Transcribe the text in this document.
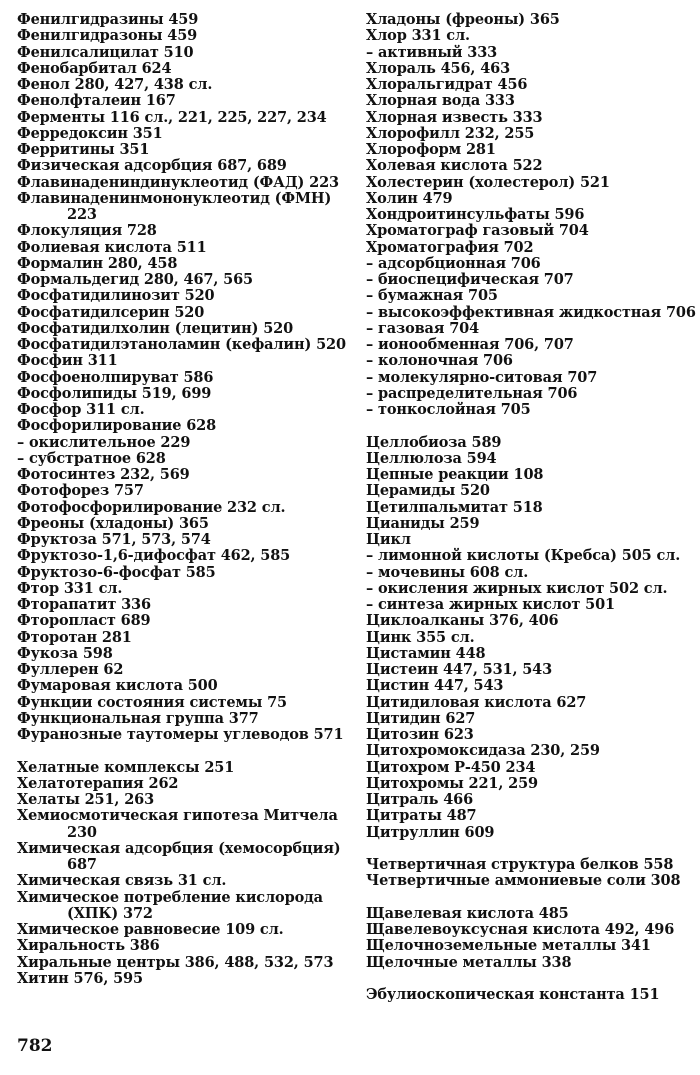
Фенилгидразины 459
Фенилгидразоны 459
Фенилсалицилат 510
Фенобарбитал 624
Фенол 280, 427, 438 сл.
Фенолфталеин 167
Ферменты 116 сл., 221, 225, 227, 234
Ферредоксин 351
Ферритины 351
Физическая адсорбция 687, 689
Флавинадениндинуклеотид (ФАД) 223
Флавинаденинмононуклеотид (ФМН) 223
Флокуляция 728
Фолиевая кислота 511
Формалин 280, 458
Формальдегид 280, 467, 565
Фосфатидилинозит 520
Фосфатидилсерин 520
Фосфатидилхолин (лецитин) 520
Фосфатидилэтаноламин (кефалин) 520
Фосфин 311
Фосфоенолпируват 586
Фосфолипиды 519, 699
Фосфор 311 сл.
Фосфорилирование 628
– окислительное 229
– субстратное 628
Фотосинтез 232, 569
Фотофорез 757
Фотофосфорилирование 232 сл.
Фреоны (хладоны) 365
Фруктоза 571, 573, 574
Фруктозо-1,6-дифосфат 462, 585
Фруктозо-6-фосфат 585
Фтор 331 сл.
Фторапатит 336
Фторопласт 689
Фторотан 281
Фукоза 598
Фуллерен 62
Фумаровая кислота 500
Функции состояния системы 75
Функциональная группа 377
Фуранозные таутомеры углеводов 571
Хелатные комплексы 251
Хелатотерапия 262
Хелаты 251, 263
Хемиосмотическая гипотеза Митчела 230
Химическая адсорбция (хемосорбция) 687
Химическая связь 31 сл.
Химическое потребление кислорода (ХПК) 372
Химическое равновесие 109 сл.
Хиральность 386
Хиральные центры 386, 488, 532, 573
Хитин 576, 595
Хладоны (фреоны) 365
Хлор 331 сл.
– активный 333
Хлораль 456, 463
Хлоральгидрат 456
Хлорная вода 333
Хлорная известь 333
Хлорофилл 232, 255
Хлороформ 281
Холевая кислота 522
Холестерин (холестерол) 521
Холин 479
Хондроитинсульфаты 596
Хроматограф газовый 704
Хроматография 702
– адсорбционная 706
– биоспецифическая 707
– бумажная 705
– высокоэффективная жидкостная 706
– газовая 704
– ионообменная 706, 707
– колоночная 706
– молекулярно-ситовая 707
– распределительная 706
– тонкослойная 705
Целлобиоза 589
Целлюлоза 594
Цепные реакции 108
Церамиды 520
Цетилпальмитат 518
Цианиды 259
Цикл
– лимонной кислоты (Кребса) 505 сл.
– мочевины 608 сл.
– окисления жирных кислот 502 сл.
– синтеза жирных кислот 501
Циклоалканы 376, 406
Цинк 355 сл.
Цистамин 448
Цистеин 447, 531, 543
Цистин 447, 543
Цитидиловая кислота 627
Цитидин 627
Цитозин 623
Цитохромоксидаза 230, 259
Цитохром Р-450 234
Цитохромы 221, 259
Цитраль 466
Цитраты 487
Цитруллин 609
Четвертичная структура белков 558
Четвертичные аммониевые соли 308
Щавелевая кислота 485
Щавелевоуксусная кислота 492, 496
Щелочноземельные металлы 341
Щелочные металлы 338
Эбулиоскопическая константа 151
782
